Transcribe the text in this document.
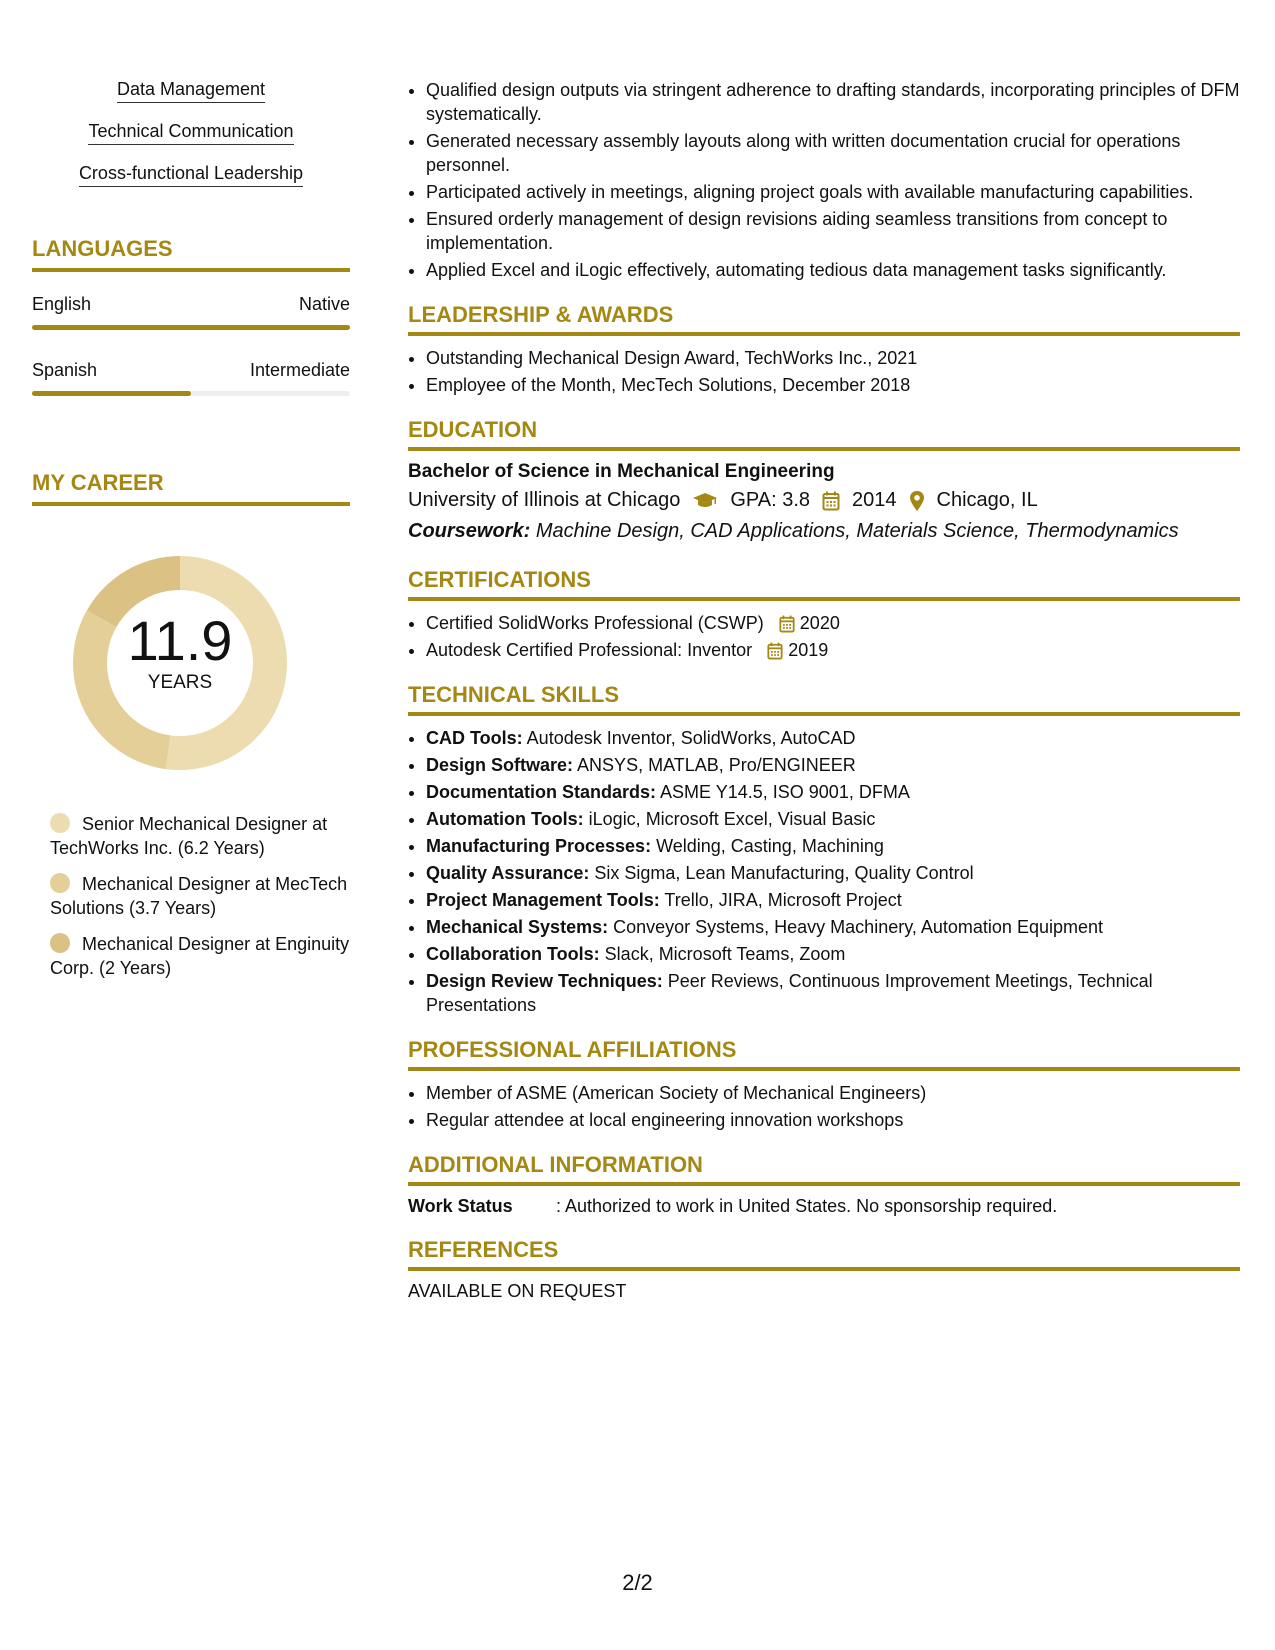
Data Management
Technical Communication
Cross-functional Leadership
LANGUAGES
English	Native
Spanish	Intermediate
MY CAREER
11.9
YEARS
Senior Mechanical Designer at TechWorks Inc. (6.2 Years)
Mechanical Designer at MecTech Solutions (3.7 Years)
Mechanical Designer at Enginuity Corp. (2 Years)
• Qualified design outputs via stringent adherence to drafting standards, incorporating principles of DFM systematically.
• Generated necessary assembly layouts along with written documentation crucial for operations personnel.
• Participated actively in meetings, aligning project goals with available manufacturing capabilities.
• Ensured orderly management of design revisions aiding seamless transitions from concept to implementation.
• Applied Excel and iLogic effectively, automating tedious data management tasks significantly.
LEADERSHIP & AWARDS
• Outstanding Mechanical Design Award, TechWorks Inc., 2021
• Employee of the Month, MecTech Solutions, December 2018
EDUCATION
Bachelor of Science in Mechanical Engineering
University of Illinois at Chicago	GPA: 3.8 2014 Chicago, IL
Coursework: Machine Design, CAD Applications, Materials Science, Thermodynamics
CERTIFICATIONS
• Certified SolidWorks Professional (CSWP) 2020
• Autodesk Certified Professional: Inventor 2019
TECHNICAL SKILLS
• CAD Tools: Autodesk Inventor, SolidWorks, AutoCAD
• Design Software: ANSYS, MATLAB, Pro/ENGINEER
• Documentation Standards: ASME Y14.5, ISO 9001, DFMA
• Automation Tools: iLogic, Microsoft Excel, Visual Basic
• Manufacturing Processes: Welding, Casting, Machining
• Quality Assurance: Six Sigma, Lean Manufacturing, Quality Control
• Project Management Tools: Trello, JIRA, Microsoft Project
• Mechanical Systems: Conveyor Systems, Heavy Machinery, Automation Equipment
• Collaboration Tools: Slack, Microsoft Teams, Zoom
• Design Review Techniques: Peer Reviews, Continuous Improvement Meetings, Technical Presentations
PROFESSIONAL AFFILIATIONS
• Member of ASME (American Society of Mechanical Engineers)
• Regular attendee at local engineering innovation workshops
ADDITIONAL INFORMATION
Work Status	: Authorized to work in United States. No sponsorship required.
REFERENCES
AVAILABLE ON REQUEST
2/2
